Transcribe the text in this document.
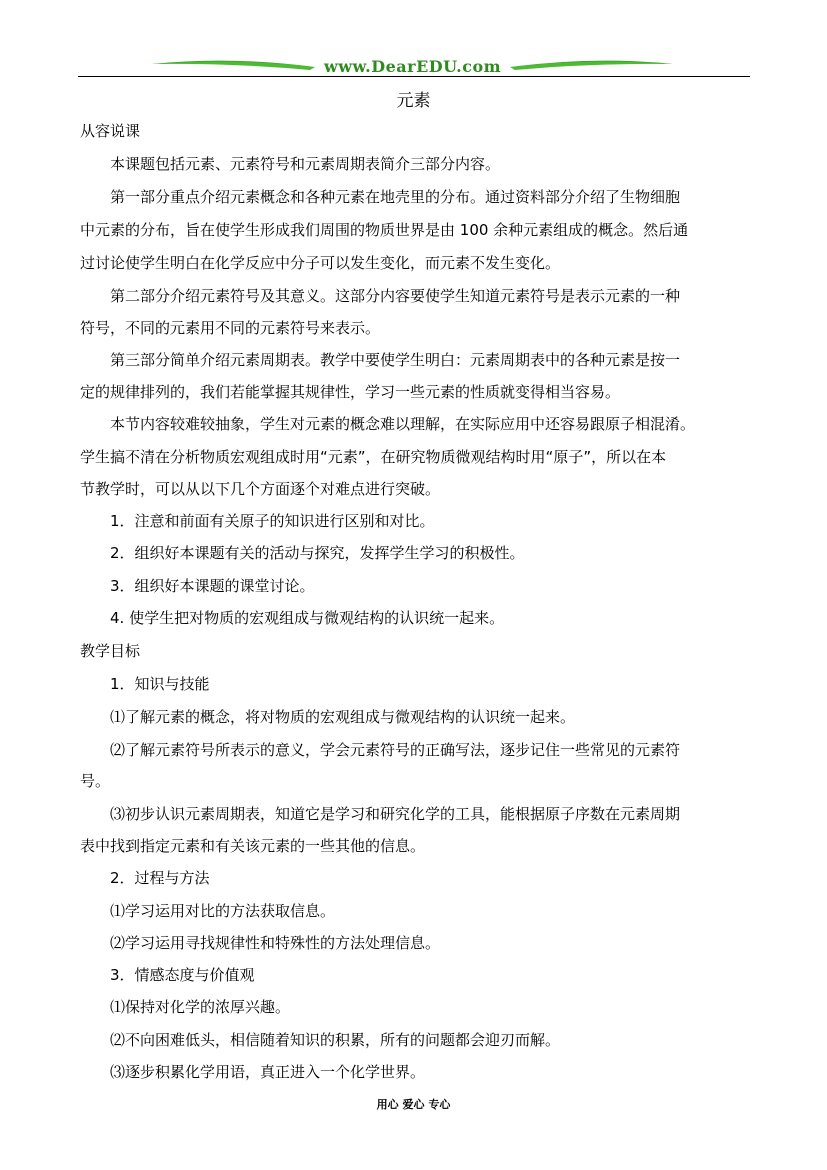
www.DearEDU.com
元素
从容说课
本课题包括元素、元素符号和元素周期表简介三部分内容。
第一部分重点介绍元素概念和各种元素在地壳里的分布。通过资料部分介绍了生物细胞
中元素的分布，旨在使学生形成我们周围的物质世界是由 100 余种元素组成的概念。然后通
过讨论使学生明白在化学反应中分子可以发生变化，而元素不发生变化。
第二部分介绍元素符号及其意义。这部分内容要使学生知道元素符号是表示元素的一种
符号，不同的元素用不同的元素符号来表示。
第三部分简单介绍元素周期表。教学中要使学生明白：元素周期表中的各种元素是按一
定的规律排列的，我们若能掌握其规律性，学习一些元素的性质就变得相当容易。
本节内容较难较抽象，学生对元素的概念难以理解，在实际应用中还容易跟原子相混淆。
学生搞不清在分析物质宏观组成时用“元素”，在研究物质微观结构时用“原子”，所以在本
节教学时，可以从以下几个方面逐个对难点进行突破。
1．注意和前面有关原子的知识进行区别和对比。
2．组织好本课题有关的活动与探究，发挥学生学习的积极性。
3．组织好本课题的课堂讨论。
4. 使学生把对物质的宏观组成与微观结构的认识统一起来。
教学目标
1．知识与技能
⑴了解元素的概念，将对物质的宏观组成与微观结构的认识统一起来。
⑵了解元素符号所表示的意义，学会元素符号的正确写法，逐步记住一些常见的元素符
号。
⑶初步认识元素周期表，知道它是学习和研究化学的工具，能根据原子序数在元素周期
表中找到指定元素和有关该元素的一些其他的信息。
2．过程与方法
⑴学习运用对比的方法获取信息。
⑵学习运用寻找规律性和特殊性的方法处理信息。
3．情感态度与价值观
⑴保持对化学的浓厚兴趣。
⑵不向困难低头，相信随着知识的积累，所有的问题都会迎刃而解。
⑶逐步积累化学用语，真正进入一个化学世界。
用心 爱心 专心
